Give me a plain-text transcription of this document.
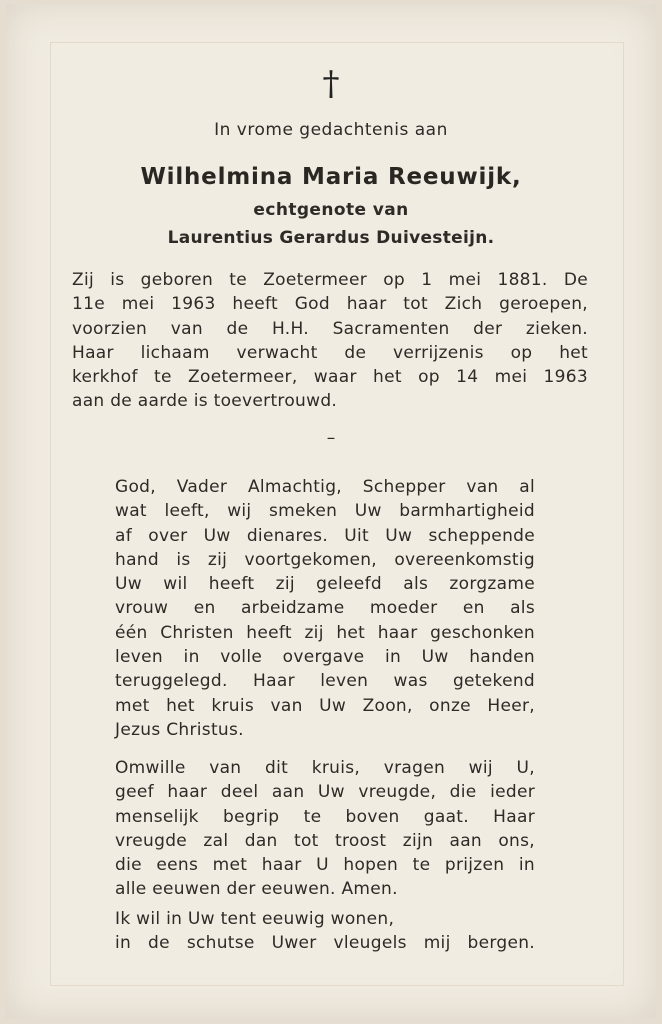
†
In vrome gedachtenis aan
Wilhelmina Maria Reeuwijk,
echtgenote van
Laurentius Gerardus Duivesteijn.
Zij is geboren te Zoetermeer op 1 mei 1881. De
11e mei 1963 heeft God haar tot Zich geroepen,
voorzien van de H.H. Sacramenten der zieken.
Haar lichaam verwacht de verrijzenis op het
kerkhof te Zoetermeer, waar het op 14 mei 1963
aan de aarde is toevertrouwd.
–
God, Vader Almachtig, Schepper van al
wat leeft, wij smeken Uw barmhartigheid
af over Uw dienares. Uit Uw scheppende
hand is zij voortgekomen, overeenkomstig
Uw wil heeft zij geleefd als zorgzame
vrouw en arbeidzame moeder en als
één Christen heeft zij het haar geschonken
leven in volle overgave in Uw handen
teruggelegd. Haar leven was getekend
met het kruis van Uw Zoon, onze Heer,
Jezus Christus.
Omwille van dit kruis, vragen wij U,
geef haar deel aan Uw vreugde, die ieder
menselijk begrip te boven gaat. Haar
vreugde zal dan tot troost zijn aan ons,
die eens met haar U hopen te prijzen in
alle eeuwen der eeuwen. Amen.
Ik wil in Uw tent eeuwig wonen,
in de schutse Uwer vleugels mij bergen.
